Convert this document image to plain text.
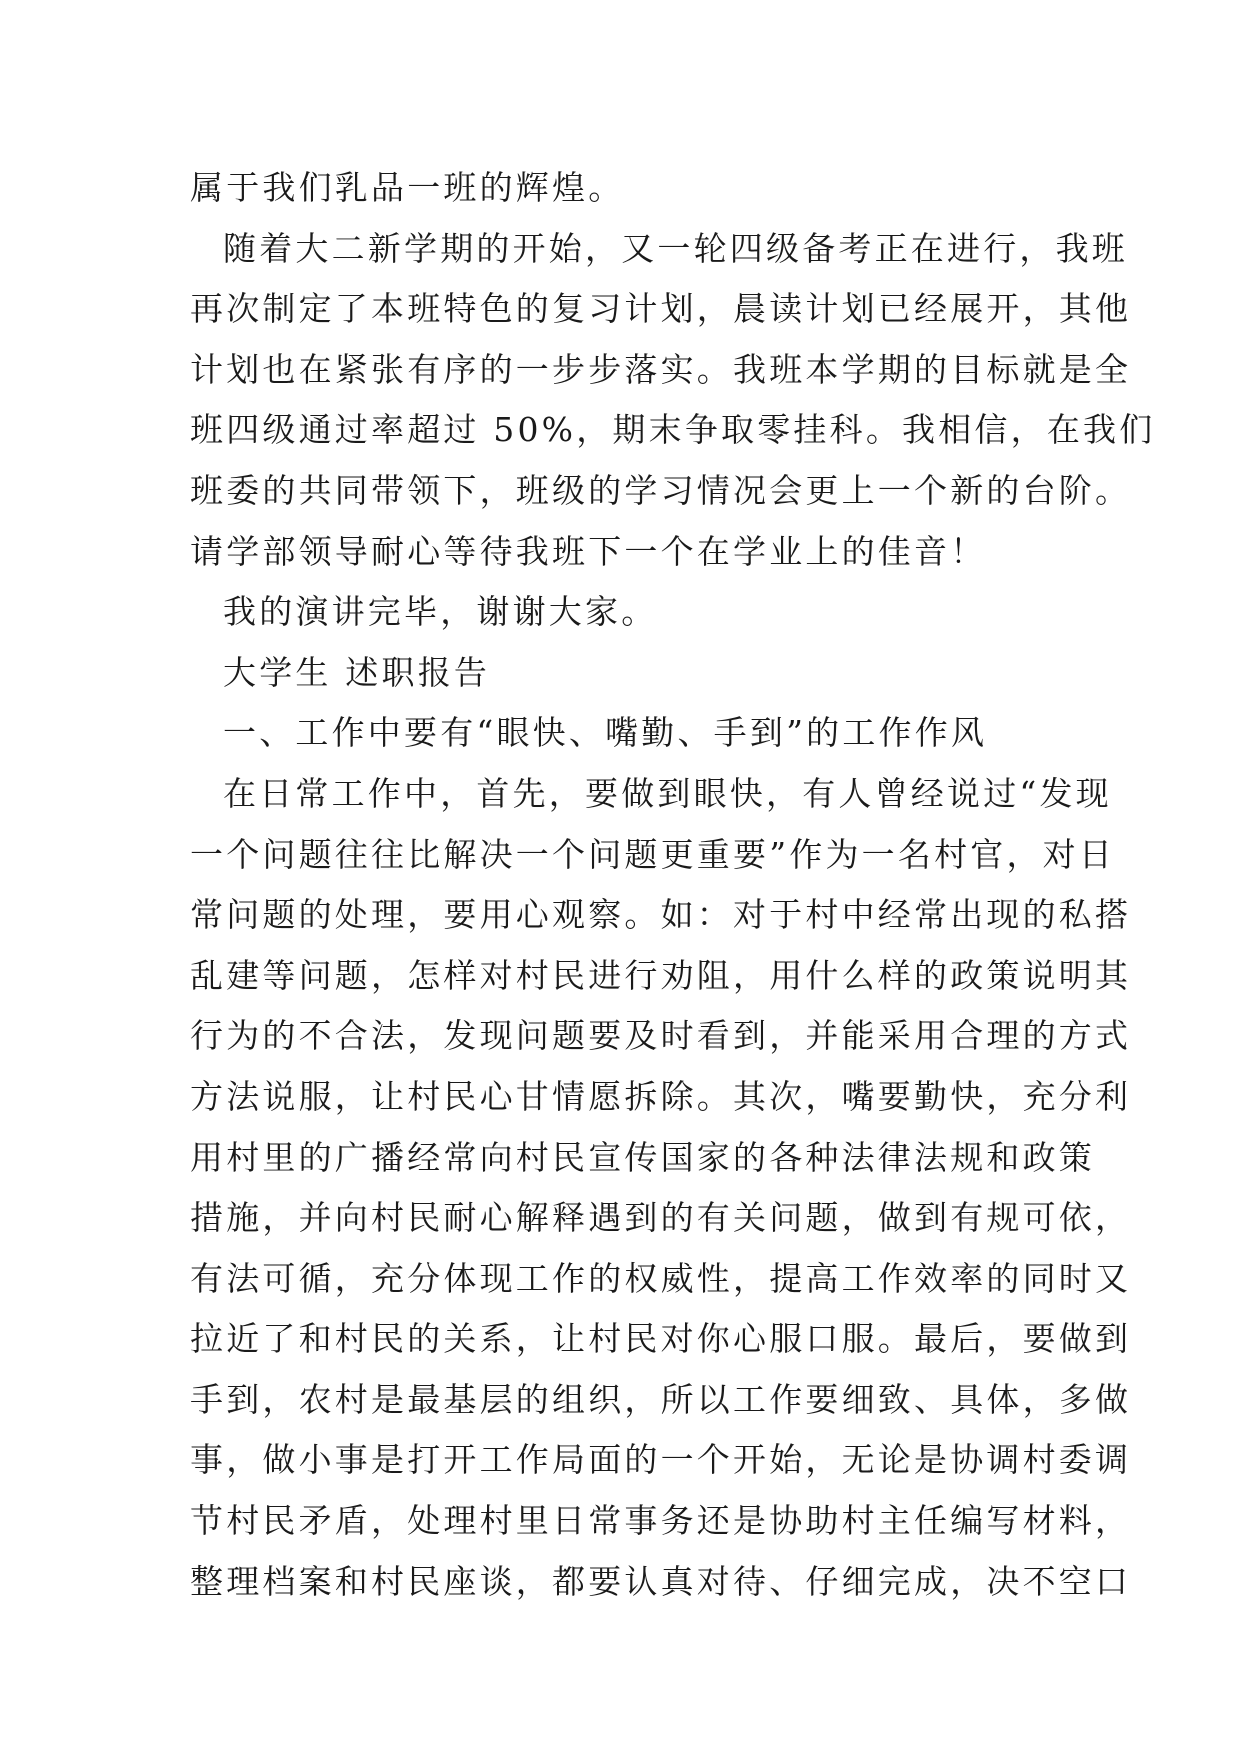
属于我们乳品一班的辉煌。
随着大二新学期的开始，又一轮四级备考正在进行，我班
再次制定了本班特色的复习计划，晨读计划已经展开，其他
计划也在紧张有序的一步步落实。我班本学期的目标就是全
班四级通过率超过 50%，期末争取零挂科。我相信，在我们
班委的共同带领下，班级的学习情况会更上一个新的台阶。
请学部领导耐心等待我班下一个在学业上的佳音！
我的演讲完毕，谢谢大家。
大学生 述职报告
一、工作中要有“眼快、嘴勤、手到”的工作作风
在日常工作中，首先，要做到眼快，有人曾经说过“发现
一个问题往往比解决一个问题更重要”作为一名村官，对日
常问题的处理，要用心观察。如：对于村中经常出现的私搭
乱建等问题，怎样对村民进行劝阻，用什么样的政策说明其
行为的不合法，发现问题要及时看到，并能采用合理的方式
方法说服，让村民心甘情愿拆除。其次，嘴要勤快，充分利
用村里的广播经常向村民宣传国家的各种法律法规和政策
措施，并向村民耐心解释遇到的有关问题，做到有规可依，
有法可循，充分体现工作的权威性，提高工作效率的同时又
拉近了和村民的关系，让村民对你心服口服。最后，要做到
手到，农村是最基层的组织，所以工作要细致、具体，多做
事，做小事是打开工作局面的一个开始，无论是协调村委调
节村民矛盾，处理村里日常事务还是协助村主任编写材料，
整理档案和村民座谈，都要认真对待、仔细完成，决不空口
